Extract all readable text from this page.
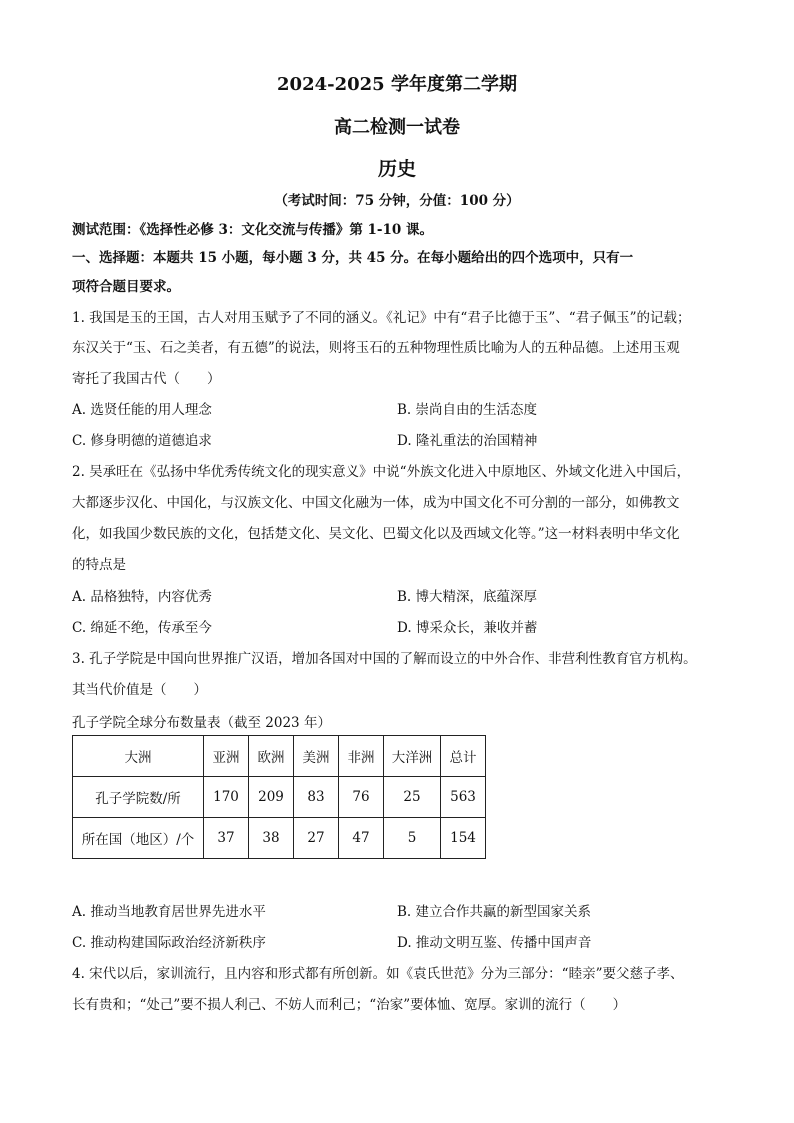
2024-2025 学年度第二学期
高二检测一试卷
历史
（考试时间：75 分钟，分值：100 分）
测试范围：《选择性必修 3：文化交流与传播》第 1-10 课。
一、选择题：本题共 15 小题，每小题 3 分，共 45 分。在每小题给出的四个选项中，只有一
项符合题目要求。
1. 我国是玉的王国，古人对用玉赋予了不同的涵义。《礼记》中有“君子比德于玉”、“君子佩玉”的记载；
东汉关于“玉、石之美者，有五德”的说法，则将玉石的五种物理性质比喻为人的五种品德。上述用玉观
寄托了我国古代（　　）
A. 选贤任能的用人理念	B. 崇尚自由的生活态度
C. 修身明德的道德追求	D. 隆礼重法的治国精神
2. 吴承旺在《弘扬中华优秀传统文化的现实意义》中说“外族文化进入中原地区、外域文化进入中国后，
大都逐步汉化、中国化，与汉族文化、中国文化融为一体，成为中国文化不可分割的一部分，如佛教文
化，如我国少数民族的文化，包括楚文化、吴文化、巴蜀文化以及西域文化等。”这一材料表明中华文化
的特点是
A. 品格独特，内容优秀	B. 博大精深，底蕴深厚
C. 绵延不绝，传承至今	D. 博采众长，兼收并蓄
3. 孔子学院是中国向世界推广汉语，增加各国对中国的了解而设立的中外合作、非营利性教育官方机构。
其当代价值是（　　）
孔子学院全球分布数量表（截至 2023 年）
大洲	亚洲	欧洲	美洲	非洲	大洋洲	总计
孔子学院数/所	170	209	83	76	25	563
所在国（地区）/个	37	38	27	47	5	154
A. 推动当地教育居世界先进水平	B. 建立合作共赢的新型国家关系
C. 推动构建国际政治经济新秩序	D. 推动文明互鉴、传播中国声音
4. 宋代以后，家训流行，且内容和形式都有所创新。如《袁氏世范》分为三部分：“睦亲”要父慈子孝、
长有贵和；“处己”要不损人利己、不妨人而利己；“治家”要体恤、宽厚。家训的流行（　　）
